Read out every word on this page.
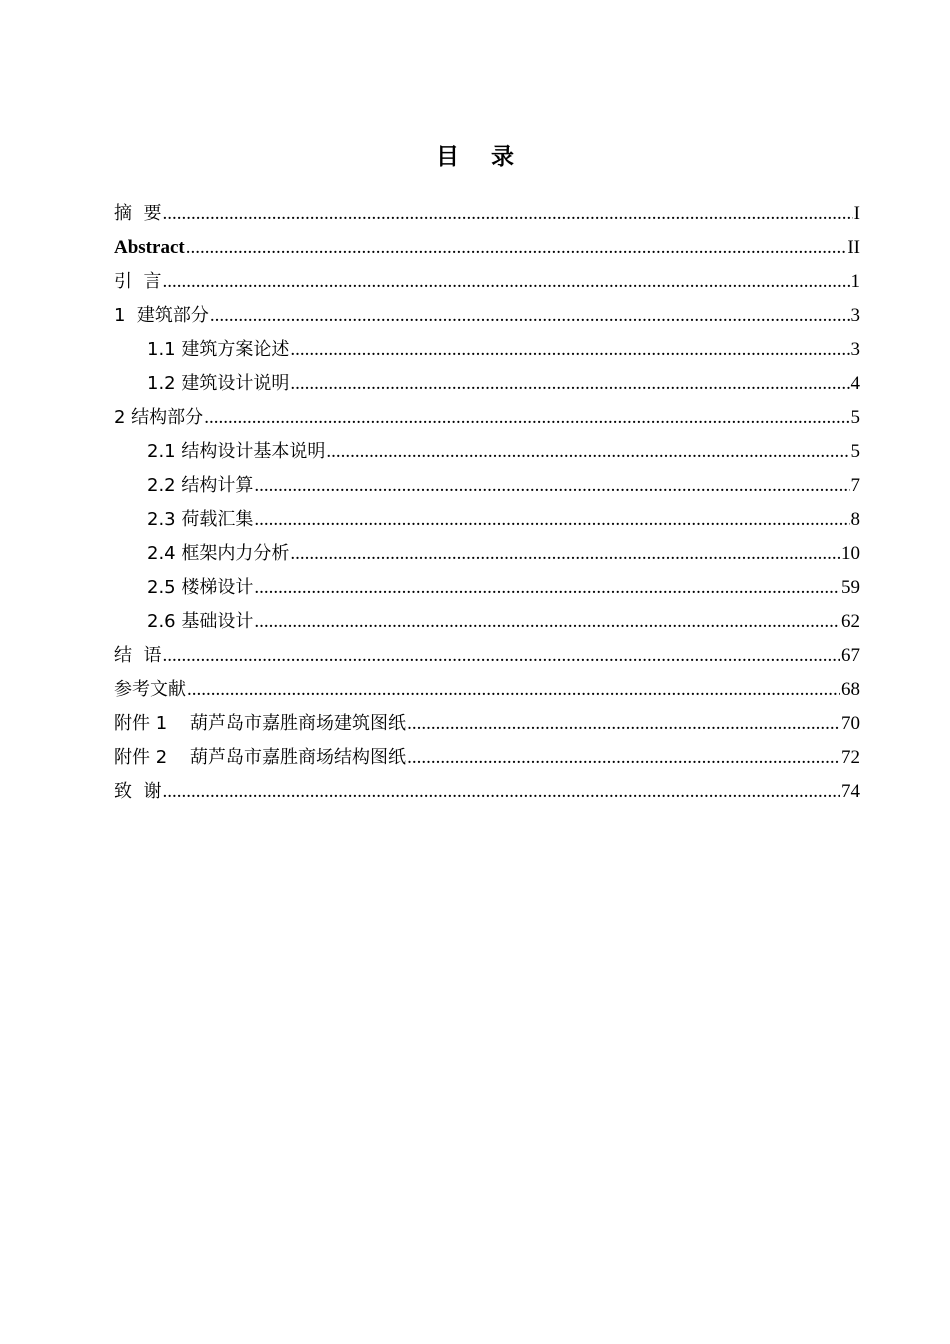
目 录
摘  要 .....	I
Abstract .....	II
引  言 .....	1
1  建筑部分 .....	3
1.1 建筑方案论述 .....	3
1.2 建筑设计说明 .....	4
2 结构部分 .....	5
2.1 结构设计基本说明 .....	5
2.2 结构计算 .....	7
2.3 荷载汇集 .....	8
2.4 框架内力分析 .....	10
2.5 楼梯设计 .....	59
2.6 基础设计 .....	62
结  语 .....	67
参考文献 .....	68
附件 1    葫芦岛市嘉胜商场建筑图纸 .....	70
附件 2    葫芦岛市嘉胜商场结构图纸 .....	72
致  谢 .....	74
